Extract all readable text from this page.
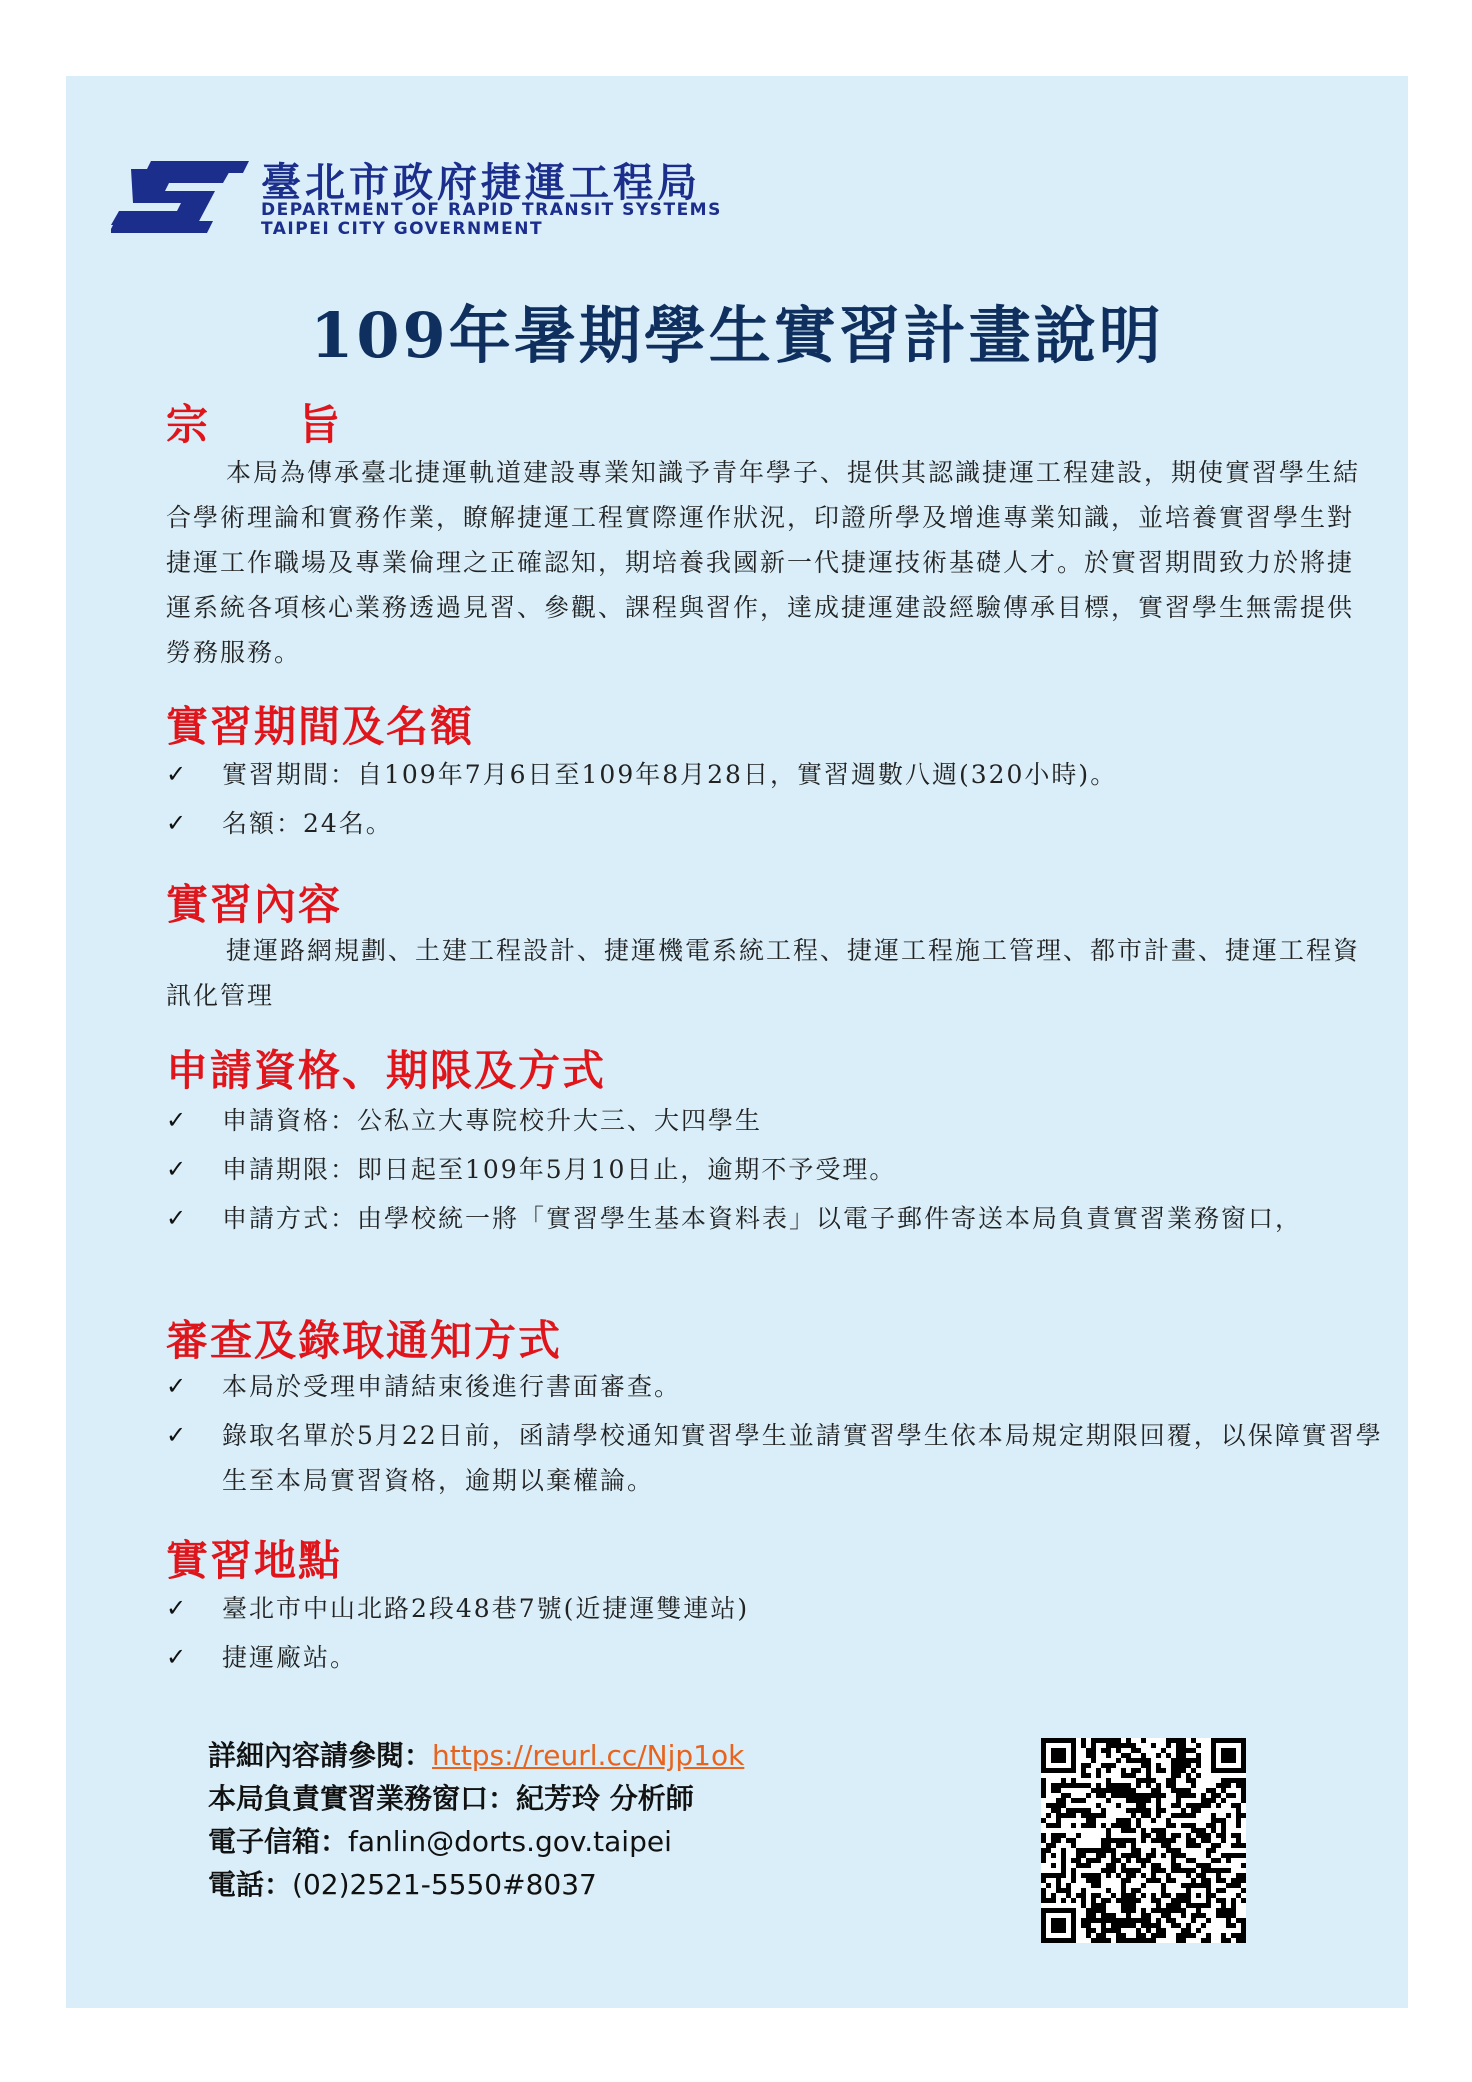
臺北市政府捷運工程局
DEPARTMENT OF RAPID TRANSIT SYSTEMS
TAIPEI CITY GOVERNMENT
109年暑期學生實習計畫說明
宗　　旨
本局為傳承臺北捷運軌道建設專業知識予青年學子、提供其認識捷運工程建設，期使實習學生結合學術理論和實務作業，瞭解捷運工程實際運作狀況，印證所學及增進專業知識，並培養實習學生對捷運工作職場及專業倫理之正確認知，期培養我國新一代捷運技術基礎人才。於實習期間致力於將捷運系統各項核心業務透過見習、參觀、課程與習作，達成捷運建設經驗傳承目標，實習學生無需提供勞務服務。
實習期間及名額
✓ 實習期間：自109年7月6日至109年8月28日，實習週數八週(320小時)。
✓ 名額：24名。
實習內容
捷運路網規劃、土建工程設計、捷運機電系統工程、捷運工程施工管理、都市計畫、捷運工程資訊化管理
申請資格、期限及方式
✓ 申請資格：公私立大專院校升大三、大四學生
✓ 申請期限：即日起至109年5月10日止，逾期不予受理。
✓ 申請方式：由學校統一將「實習學生基本資料表」以電子郵件寄送本局負責實習業務窗口，
審查及錄取通知方式
✓ 本局於受理申請結束後進行書面審查。
✓ 錄取名單於5月22日前，函請學校通知實習學生並請實習學生依本局規定期限回覆，以保障實習學生至本局實習資格，逾期以棄權論。
實習地點
✓ 臺北市中山北路2段48巷7號(近捷運雙連站)
✓ 捷運廠站。
詳細內容請參閱：https://reurl.cc/Njp1ok
本局負責實習業務窗口：紀芳玲 分析師
電子信箱：fanlin@dorts.gov.taipei
電話：(02)2521-5550#8037
